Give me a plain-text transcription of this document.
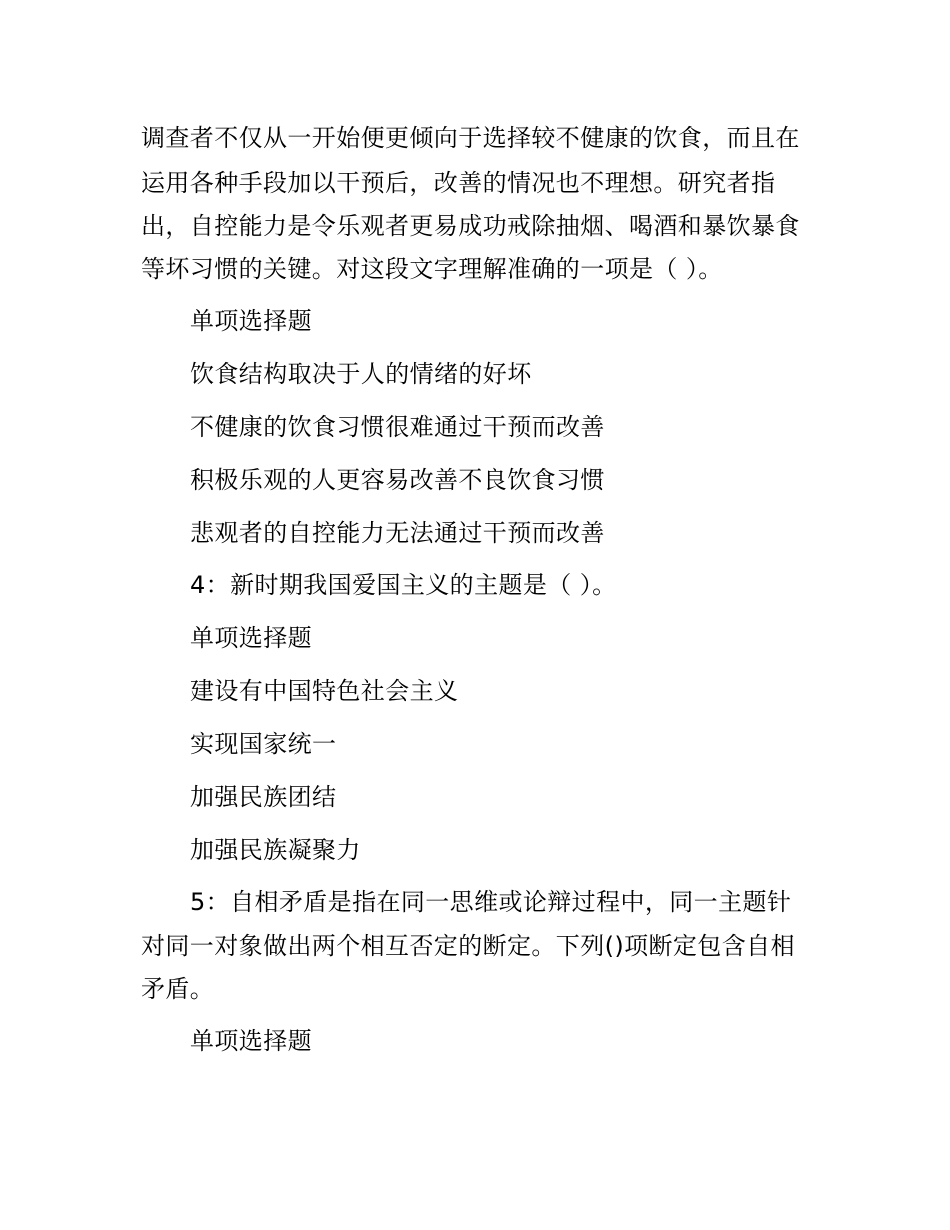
调查者不仅从一开始便更倾向于选择较不健康的饮食，而且在
运用各种手段加以干预后，改善的情况也不理想。研究者指
出，自控能力是令乐观者更易成功戒除抽烟、喝酒和暴饮暴食
等坏习惯的关键。对这段文字理解准确的一项是（ ）。
单项选择题
饮食结构取决于人的情绪的好坏
不健康的饮食习惯很难通过干预而改善
积极乐观的人更容易改善不良饮食习惯
悲观者的自控能力无法通过干预而改善
4：新时期我国爱国主义的主题是（ ）。
单项选择题
建设有中国特色社会主义
实现国家统一
加强民族团结
加强民族凝聚力
5：自相矛盾是指在同一思维或论辩过程中，同一主题针
对同一对象做出两个相互否定的断定。下列()项断定包含自相
矛盾。
单项选择题
